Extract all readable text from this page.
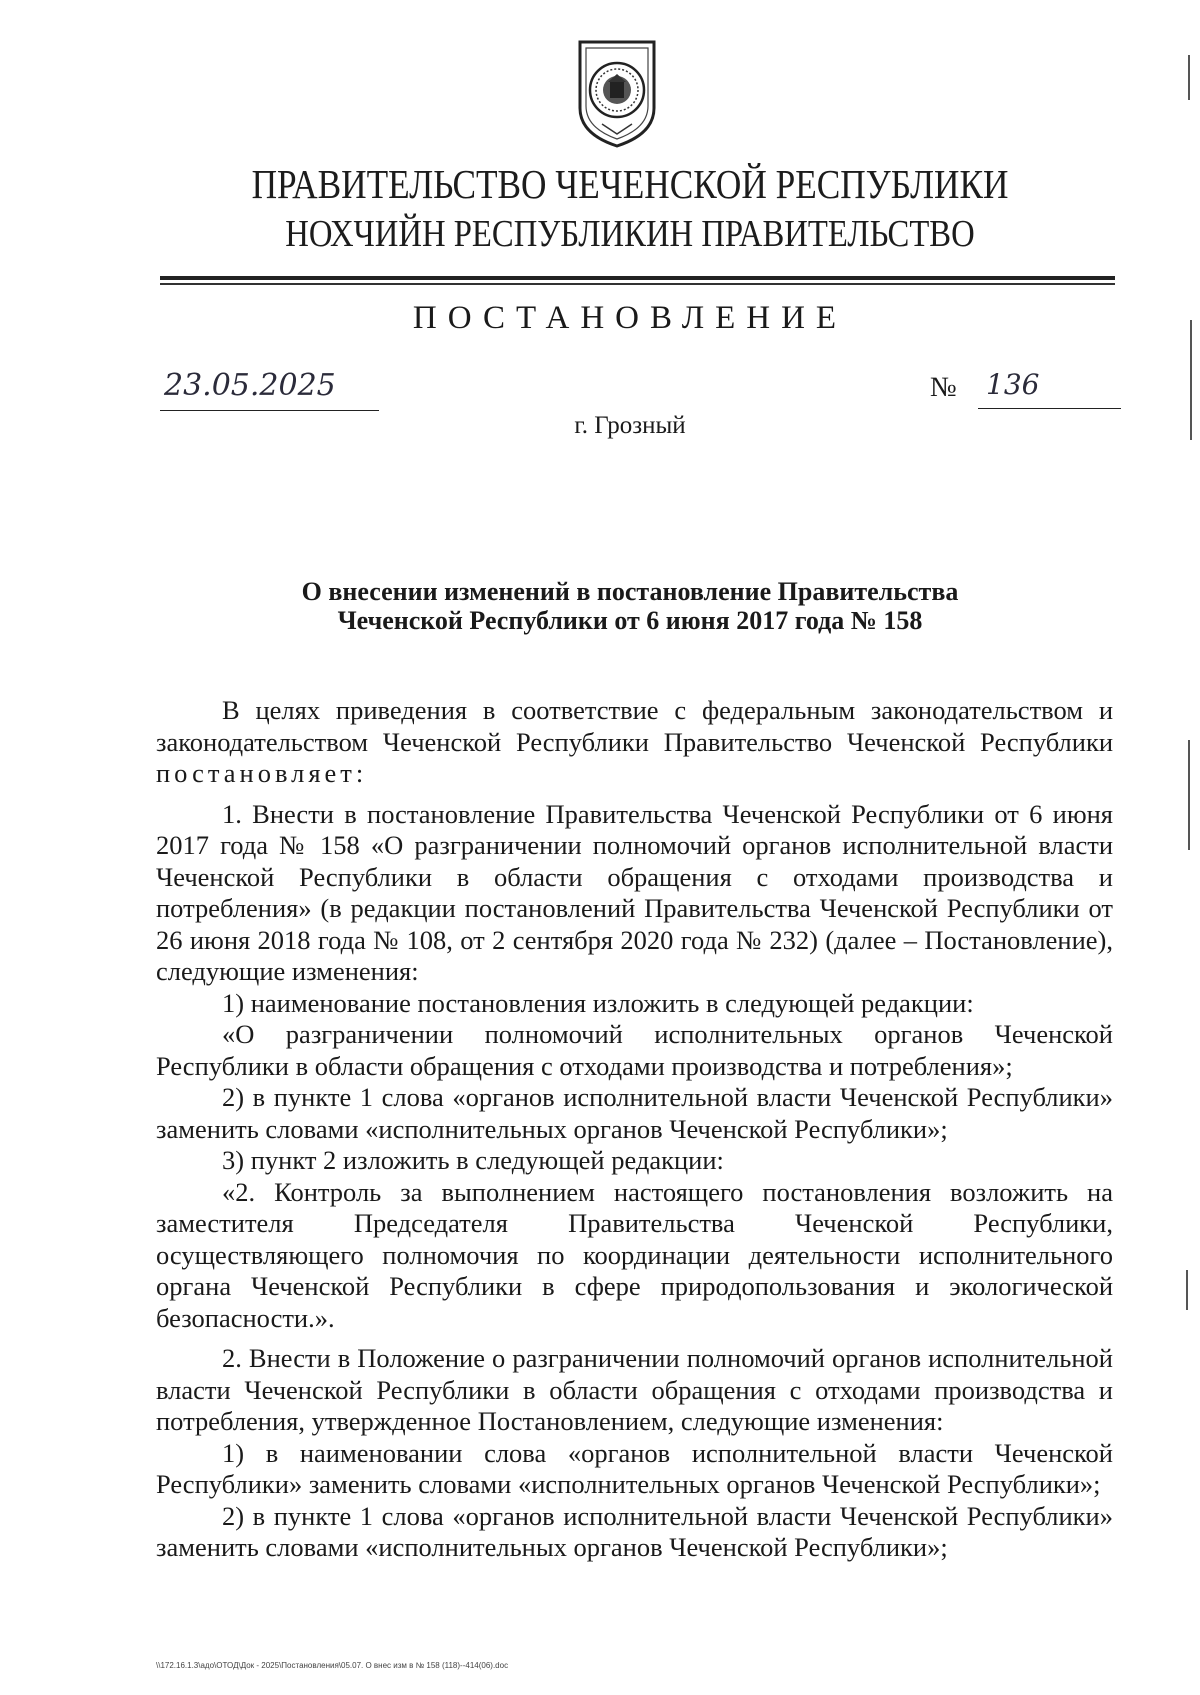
ПРАВИТЕЛЬСТВО ЧЕЧЕНСКОЙ РЕСПУБЛИКИ
НОХЧИЙН РЕСПУБЛИКИН ПРАВИТЕЛЬСТВО
ПОСТАНОВЛЕНИЕ
23.05.2025	№ 136
г. Грозный
О внесении изменений в постановление Правительства
Чеченской Республики от 6 июня 2017 года № 158

В целях приведения в соответствие с федеральным законодательством и законодательством Чеченской Республики Правительство Чеченской Республики постановляет:

1. Внести в постановление Правительства Чеченской Республики от 6 июня 2017 года № 158 «О разграничении полномочий органов исполнительной власти Чеченской Республики в области обращения с отходами производства и потребления» (в редакции постановлений Правительства Чеченской Республики от 26 июня 2018 года № 108, от 2 сентября 2020 года № 232) (далее – Постановление), следующие изменения:

1) наименование постановления изложить в следующей редакции:

«О разграничении полномочий исполнительных органов Чеченской Республики в области обращения с отходами производства и потребления»;

2) в пункте 1 слова «органов исполнительной власти Чеченской Республики» заменить словами «исполнительных органов Чеченской Республики»;

3) пункт 2 изложить в следующей редакции:

«2. Контроль за выполнением настоящего постановления возложить на заместителя Председателя Правительства Чеченской Республики, осуществляющего полномочия по координации деятельности исполнительного органа Чеченской Республики в сфере природопользования и экологической безопасности.».

2. Внести в Положение о разграничении полномочий органов исполнительной власти Чеченской Республики в области обращения с отходами производства и потребления, утвержденное Постановлением, следующие изменения:

1) в наименовании слова «органов исполнительной власти Чеченской Республики» заменить словами «исполнительных органов Чеченской Республики»;

2) в пункте 1 слова «органов исполнительной власти Чеченской Республики» заменить словами «исполнительных органов Чеченской Республики»;

\\172.16.1.3\адо\ОТОД\Док - 2025\Постановления\05.07. О внес изм в № 158 (118)--414(06).doc
